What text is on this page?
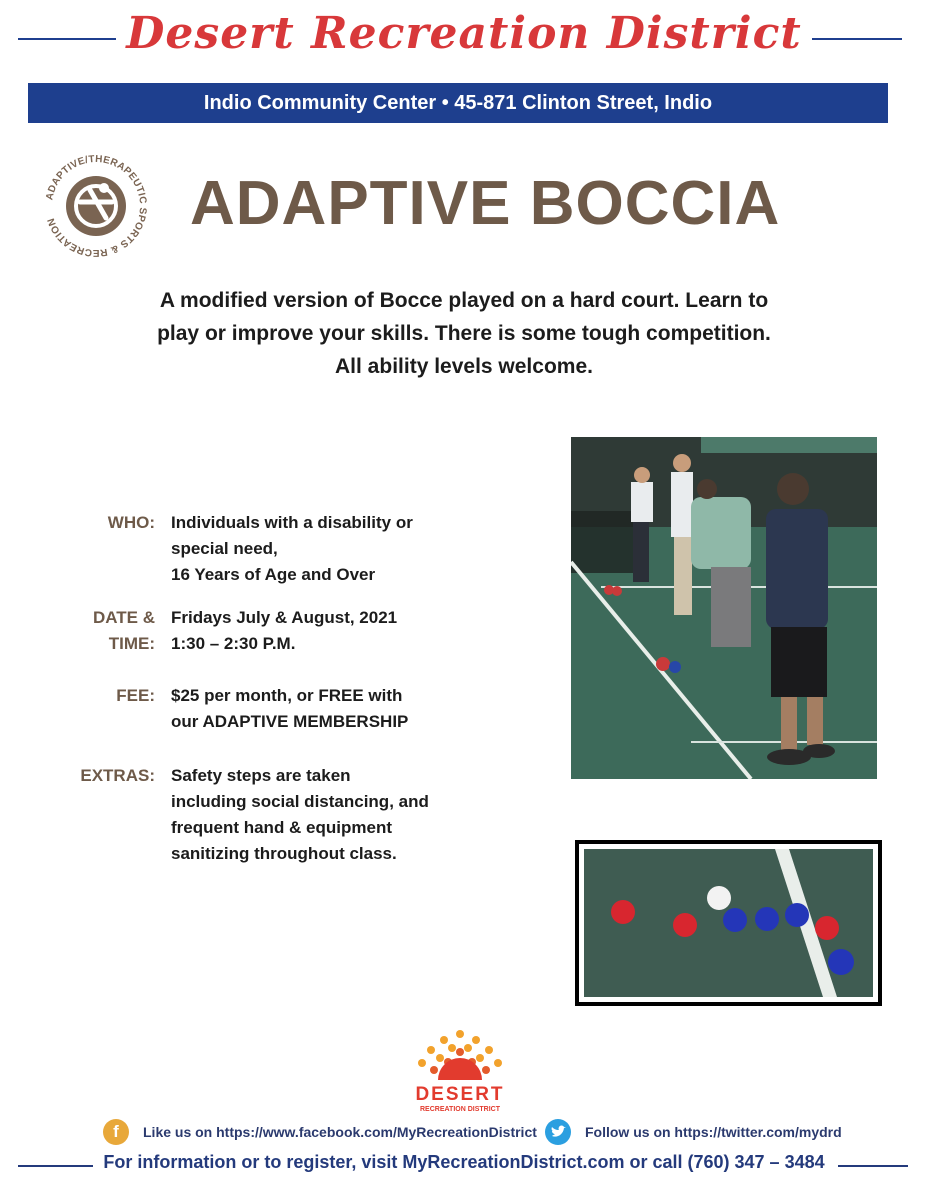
Desert Recreation District
Indio Community Center • 45-871 Clinton Street, Indio
ADAPTIVE/THERAPEUTIC SPORTS & RECREATION	ADAPTIVE BOCCIA
A modified version of Bocce played on a hard court. Learn to
play or improve your skills. There is some tough competition.
All ability levels welcome.
WHO: Individuals with a disability or
special need,
16 Years of Age and Over
DATE &
TIME:
Fridays July & August, 2021
1:30 – 2:30 P.M.
FEE: $25 per month, or FREE with
our ADAPTIVE MEMBERSHIP
EXTRAS: Safety steps are taken
including social distancing, and
frequent hand & equipment
sanitizing throughout class.
DESERT
RECREATION DISTRICT
f	Like us on https://www.facebook.com/MyRecreationDistrict	Follow us on https://twitter.com/mydrd
For information or to register, visit MyRecreationDistrict.com or call (760) 347 – 3484
